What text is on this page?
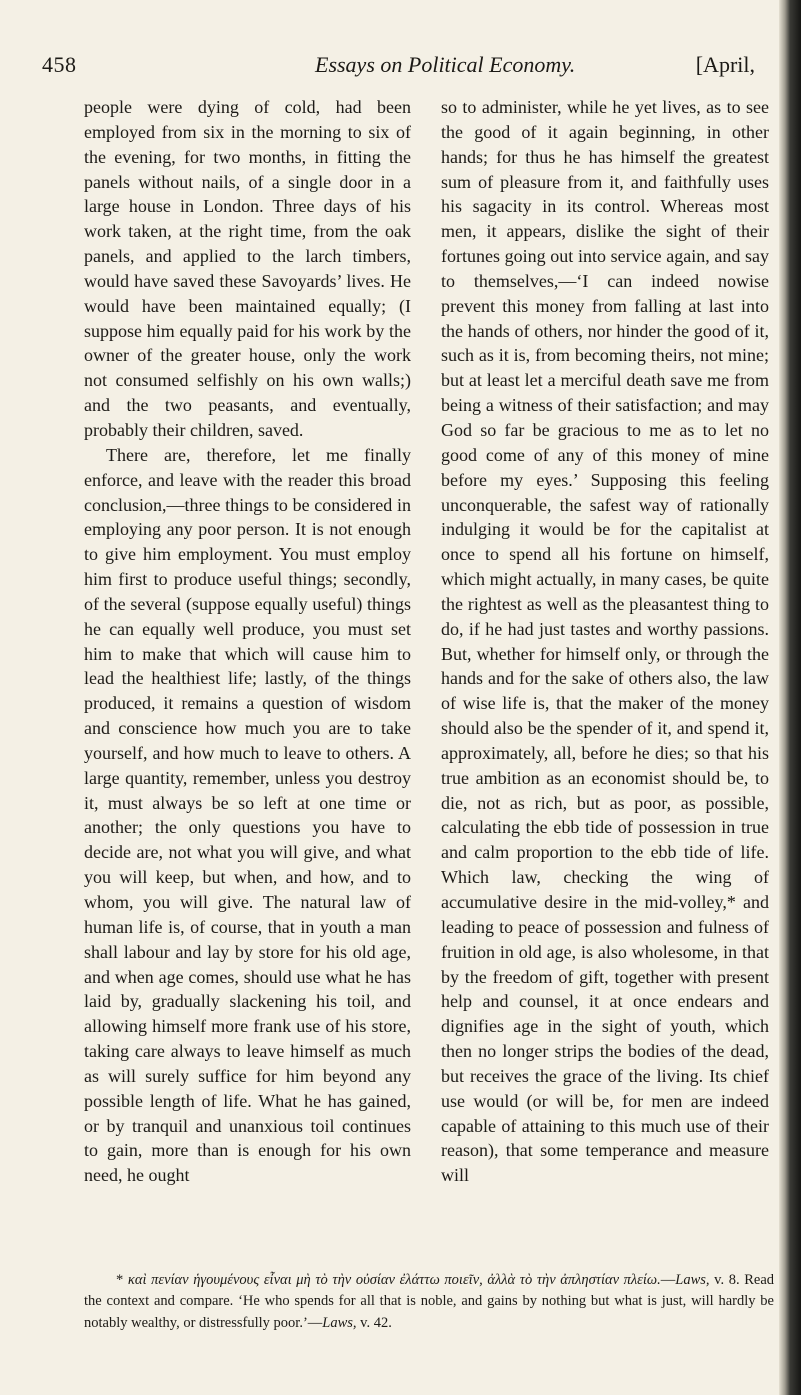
458	Essays on Political Economy.	[April,

people were dying of cold, had been employed from six in the morning to six of the evening, for two months, in fitting the panels without nails, of a single door in a large house in London. Three days of his work taken, at the right time, from the oak panels, and applied to the larch timbers, would have saved these Savoyards’ lives. He would have been maintained equally; (I suppose him equally paid for his work by the owner of the greater house, only the work not consumed selfishly on his own walls;) and the two peasants, and eventually, probably their children, saved.

There are, therefore, let me finally enforce, and leave with the reader this broad conclusion,—three things to be considered in employing any poor person. It is not enough to give him employment. You must employ him first to produce useful things; secondly, of the several (suppose equally useful) things he can equally well produce, you must set him to make that which will cause him to lead the healthiest life; lastly, of the things produced, it remains a question of wisdom and conscience how much you are to take yourself, and how much to leave to others. A large quantity, remember, unless you destroy it, must always be so left at one time or another; the only questions you have to decide are, not what you will give, and what you will keep, but when, and how, and to whom, you will give. The natural law of human life is, of course, that in youth a man shall labour and lay by store for his old age, and when age comes, should use what he has laid by, gradually slackening his toil, and allowing himself more frank use of his store, taking care always to leave himself as much as will surely suffice for him beyond any possible length of life. What he has gained, or by tranquil and unanxious toil continues to gain, more than is enough for his own need, he ought

so to administer, while he yet lives, as to see the good of it again beginning, in other hands; for thus he has himself the greatest sum of pleasure from it, and faithfully uses his sagacity in its control. Whereas most men, it appears, dislike the sight of their fortunes going out into service again, and say to themselves,—‘I can indeed nowise prevent this money from falling at last into the hands of others, nor hinder the good of it, such as it is, from becoming theirs, not mine; but at least let a merciful death save me from being a witness of their satisfaction; and may God so far be gracious to me as to let no good come of any of this money of mine before my eyes.’ Supposing this feeling unconquerable, the safest way of rationally indulging it would be for the capitalist at once to spend all his fortune on himself, which might actually, in many cases, be quite the rightest as well as the pleasantest thing to do, if he had just tastes and worthy passions. But, whether for himself only, or through the hands and for the sake of others also, the law of wise life is, that the maker of the money should also be the spender of it, and spend it, approximately, all, before he dies; so that his true ambition as an economist should be, to die, not as rich, but as poor, as possible, calculating the ebb tide of possession in true and calm proportion to the ebb tide of life. Which law, checking the wing of accumulative desire in the mid-volley,* and leading to peace of possession and fulness of fruition in old age, is also wholesome, in that by the freedom of gift, together with present help and counsel, it at once endears and dignifies age in the sight of youth, which then no longer strips the bodies of the dead, but receives the grace of the living. Its chief use would (or will be, for men are indeed capable of attaining to this much use of their reason), that some temperance and measure will

* καὶ πενίαν ἡγουμένους εἶναι μὴ τὸ τὴν οὐσίαν ἐλάττω ποιεῖν, ἀλλὰ τὸ τὴν ἀπληστίαν πλείω.—Laws, v. 8. Read the context and compare. ‘He who spends for all that is noble, and gains by nothing but what is just, will hardly be notably wealthy, or distressfully poor.’—Laws, v. 42.
